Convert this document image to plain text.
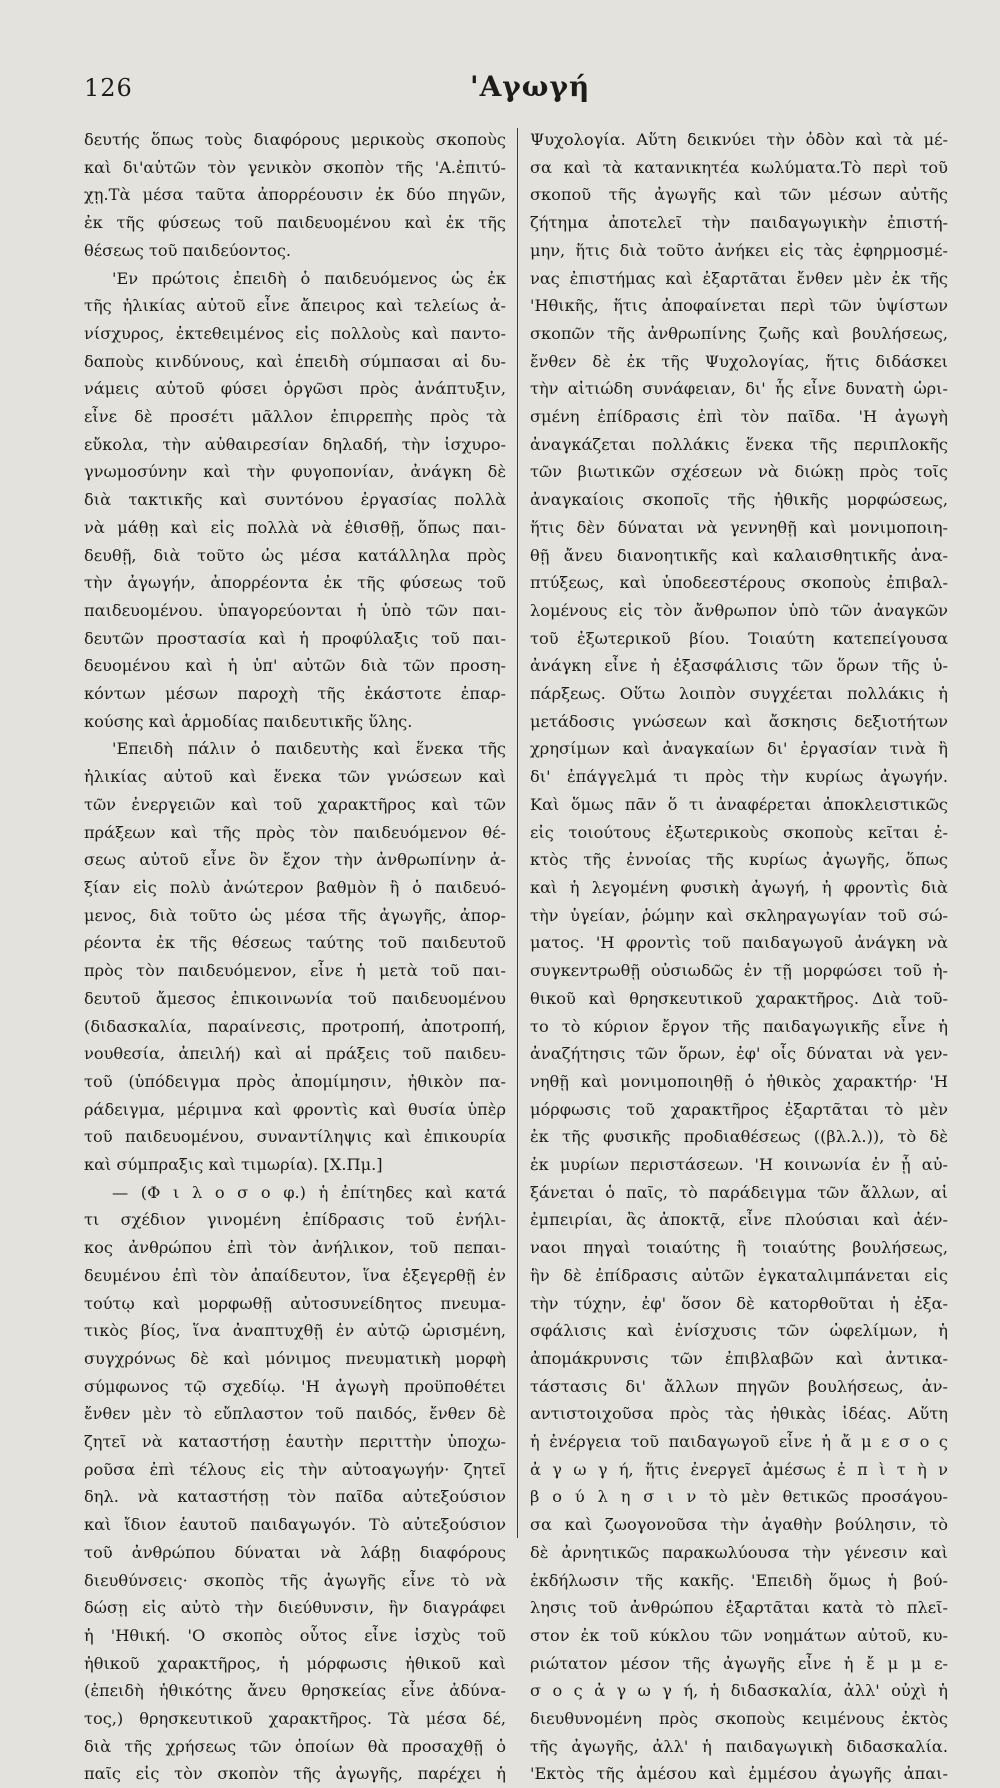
126	'Αγωγή
δευτής ὅπως τοὺς διαφόρους μερικοὺς σκοποὺς
καὶ δι'αὐτῶν τὸν γενικὸν σκοπὸν τῆς 'Α.ἐπιτύ-
χῃ.Τὰ μέσα ταῦτα ἀπορρέουσιν ἐκ δύο πηγῶν,
ἐκ τῆς φύσεως τοῦ παιδευομένου καὶ ἐκ τῆς
θέσεως τοῦ παιδεύοντος.
'Εν πρώτοις ἐπειδὴ ὁ παιδευόμενος ὡς ἐκ
τῆς ἡλικίας αὐτοῦ εἶνε ἄπειρος καὶ τελείως ἀ-
νίσχυρος, ἐκτεθειμένος εἰς πολλοὺς καὶ παντο-
δαποὺς κινδύνους, καὶ ἐπειδὴ σύμπασαι αἱ δυ-
νάμεις αὐτοῦ φύσει ὀργῶσι πρὸς ἀνάπτυξιν,
εἶνε δὲ προσέτι μᾶλλον ἐπιρρεπὴς πρὸς τὰ
εὔκολα, τὴν αὐθαιρεσίαν δηλαδή, τὴν ἰσχυρο-
γνωμοσύνην καὶ τὴν φυγοπονίαν, ἀνάγκη δὲ
διὰ τακτικῆς καὶ συντόνου ἐργασίας πολλὰ
νὰ μάθῃ καὶ εἰς πολλὰ νὰ ἐθισθῇ, ὅπως παι-
δευθῇ, διὰ τοῦτο ὡς μέσα κατάλληλα πρὸς
τὴν ἀγωγήν, ἀπορρέοντα ἐκ τῆς φύσεως τοῦ
παιδευομένου. ὑπαγορεύονται ἡ ὑπὸ τῶν παι-
δευτῶν προστασία καὶ ἡ προφύλαξις τοῦ παι-
δευομένου καὶ ἡ ὑπ' αὐτῶν διὰ τῶν προση-
κόντων μέσων παροχὴ τῆς ἑκάστοτε ἐπαρ-
κούσης καὶ ἁρμοδίας παιδευτικῆς ὕλης.
'Επειδὴ πάλιν ὁ παιδευτὴς καὶ ἕνεκα τῆς
ἡλικίας αὐτοῦ καὶ ἕνεκα τῶν γνώσεων καὶ
τῶν ἐνεργειῶν καὶ τοῦ χαρακτῆρος καὶ τῶν
πράξεων καὶ τῆς πρὸς τὸν παιδευόμενον θέ-
σεως αὐτοῦ εἶνε ὂν ἔχον τὴν ἀνθρωπίνην ἀ-
ξίαν εἰς πολὺ ἀνώτερον βαθμὸν ἢ ὁ παιδευό-
μενος, διὰ τοῦτο ὡς μέσα τῆς ἀγωγῆς, ἀπορ-
ρέοντα ἐκ τῆς θέσεως ταύτης τοῦ παιδευτοῦ
πρὸς τὸν παιδευόμενον, εἶνε ἡ μετὰ τοῦ παι-
δευτοῦ ἄμεσος ἐπικοινωνία τοῦ παιδευομένου
(διδασκαλία, παραίνεσις, προτροπή, ἀποτροπή,
νουθεσία, ἀπειλή) καὶ αἱ πράξεις τοῦ παιδευ-
τοῦ (ὑπόδειγμα πρὸς ἀπομίμησιν, ἠθικὸν πα-
ράδειγμα, μέριμνα καὶ φροντὶς καὶ θυσία ὑπὲρ
τοῦ παιδευομένου, συναντίληψις καὶ ἐπικουρία
καὶ σύμπραξις καὶ τιμωρία). [Χ.Πμ.]
— (Φ ι λ ο σ ο φ.) ἡ ἐπίτηδες καὶ κατά
τι σχέδιον γινομένη ἐπίδρασις τοῦ ἐνήλι-
κος ἀνθρώπου ἐπὶ τὸν ἀνήλικον, τοῦ πεπαι-
δευμένου ἐπὶ τὸν ἀπαίδευτον, ἵνα ἐξεγερθῇ ἐν
τούτῳ καὶ μορφωθῇ αὐτοσυνείδητος πνευμα-
τικὸς βίος, ἵνα ἀναπτυχθῇ ἐν αὐτῷ ὡρισμένη,
συγχρόνως δὲ καὶ μόνιμος πνευματικὴ μορφὴ
σύμφωνος τῷ σχεδίῳ. 'Η ἀγωγὴ προϋποθέτει
ἔνθεν μὲν τὸ εὔπλαστον τοῦ παιδός, ἔνθεν δὲ
ζητεῖ νὰ καταστήσῃ ἑαυτὴν περιττὴν ὑποχω-
ροῦσα ἐπὶ τέλους εἰς τὴν αὐτοαγωγήν· ζητεῖ
δηλ. νὰ καταστήσῃ τὸν παῖδα αὐτεξούσιον
καὶ ἴδιον ἑαυτοῦ παιδαγωγόν. Τὸ αὐτεξούσιον
τοῦ ἀνθρώπου δύναται νὰ λάβῃ διαφόρους
διευθύνσεις· σκοπὸς τῆς ἀγωγῆς εἶνε τὸ νὰ
δώσῃ εἰς αὐτὸ τὴν διεύθυνσιν, ἣν διαγράφει
ἡ 'Ηθική. 'Ο σκοπὸς οὗτος εἶνε ἰσχὺς τοῦ
ἠθικοῦ χαρακτῆρος, ἡ μόρφωσις ἠθικοῦ καὶ
(ἐπειδὴ ἠθικότης ἄνευ θρησκείας εἶνε ἀδύνα-
τος,) θρησκευτικοῦ χαρακτῆρος. Τὰ μέσα δέ,
διὰ τῆς χρήσεως τῶν ὁποίων θὰ προσαχθῇ ὁ
παῖς εἰς τὸν σκοπὸν τῆς ἀγωγῆς, παρέχει ἡ
Ψυχολογία. Αὕτη δεικνύει τὴν ὁδὸν καὶ τὰ μέ-
σα καὶ τὰ κατανικητέα κωλύματα.Τὸ περὶ τοῦ
σκοποῦ τῆς ἀγωγῆς καὶ τῶν μέσων αὐτῆς
ζήτημα ἀποτελεῖ τὴν παιδαγωγικὴν ἐπιστή-
μην, ἥτις διὰ τοῦτο ἀνήκει εἰς τὰς ἐφηρμοσμέ-
νας ἐπιστήμας καὶ ἐξαρτᾶται ἔνθεν μὲν ἐκ τῆς
'Ηθικῆς, ἥτις ἀποφαίνεται περὶ τῶν ὑψίστων
σκοπῶν τῆς ἀνθρωπίνης ζωῆς καὶ βουλήσεως,
ἔνθεν δὲ ἐκ τῆς Ψυχολογίας, ἥτις διδάσκει
τὴν αἰτιώδη συνάφειαν, δι' ἧς εἶνε δυνατὴ ὡρι-
σμένη ἐπίδρασις ἐπὶ τὸν παῖδα. 'Η ἀγωγὴ
ἀναγκάζεται πολλάκις ἕνεκα τῆς περιπλοκῆς
τῶν βιωτικῶν σχέσεων νὰ διώκῃ πρὸς τοῖς
ἀναγκαίοις σκοποῖς τῆς ἠθικῆς μορφώσεως,
ἥτις δὲν δύναται νὰ γεννηθῇ καὶ μονιμοποιη-
θῇ ἄνευ διανοητικῆς καὶ καλαισθητικῆς ἀνα-
πτύξεως, καὶ ὑποδεεστέρους σκοποὺς ἐπιβαλ-
λομένους εἰς τὸν ἄνθρωπον ὑπὸ τῶν ἀναγκῶν
τοῦ ἐξωτερικοῦ βίου. Τοιαύτη κατεπείγουσα
ἀνάγκη εἶνε ἡ ἐξασφάλισις τῶν ὅρων τῆς ὑ-
πάρξεως. Οὕτω λοιπὸν συγχέεται πολλάκις ἡ
μετάδοσις γνώσεων καὶ ἄσκησις δεξιοτήτων
χρησίμων καὶ ἀναγκαίων δι' ἐργασίαν τινὰ ἢ
δι' ἐπάγγελμά τι πρὸς τὴν κυρίως ἀγωγήν.
Καὶ ὅμως πᾶν ὅ τι ἀναφέρεται ἀποκλειστικῶς
εἰς τοιούτους ἐξωτερικοὺς σκοποὺς κεῖται ἐ-
κτὸς τῆς ἐννοίας τῆς κυρίως ἀγωγῆς, ὅπως
καὶ ἡ λεγομένη φυσικὴ ἀγωγή, ἡ φροντὶς διὰ
τὴν ὑγείαν, ῥώμην καὶ σκληραγωγίαν τοῦ σώ-
ματος. 'Η φροντὶς τοῦ παιδαγωγοῦ ἀνάγκη νὰ
συγκεντρωθῇ οὐσιωδῶς ἐν τῇ μορφώσει τοῦ ἠ-
θικοῦ καὶ θρησκευτικοῦ χαρακτῆρος. Διὰ τοῦ-
το τὸ κύριον ἔργον τῆς παιδαγωγικῆς εἶνε ἡ
ἀναζήτησις τῶν ὅρων, ἐφ' οἷς δύναται νὰ γεν-
νηθῇ καὶ μονιμοποιηθῇ ὁ ἠθικὸς χαρακτήρ· 'Η
μόρφωσις τοῦ χαρακτῆρος ἐξαρτᾶται τὸ μὲν
ἐκ τῆς φυσικῆς προδιαθέσεως ((βλ.λ.)), τὸ δὲ
ἐκ μυρίων περιστάσεων. 'Η κοινωνία ἐν ᾗ αὐ-
ξάνεται ὁ παῖς, τὸ παράδειγμα τῶν ἄλλων, αἱ
ἐμπειρίαι, ἃς ἀποκτᾷ, εἶνε πλούσιαι καὶ ἀέν-
ναοι πηγαὶ τοιαύτης ἢ τοιαύτης βουλήσεως,
ἣν δὲ ἐπίδρασις αὐτῶν ἐγκαταλιμπάνεται εἰς
τὴν τύχην, ἐφ' ὅσον δὲ κατορθοῦται ἡ ἐξα-
σφάλισις καὶ ἐνίσχυσις τῶν ὠφελίμων, ἡ
ἀπομάκρυνσις τῶν ἐπιβλαβῶν καὶ ἀντικα-
τάστασις δι' ἄλλων πηγῶν βουλήσεως, ἀν-
αντιστοιχοῦσα πρὸς τὰς ἠθικὰς ἰδέας. Αὕτη
ἡ ἐνέργεια τοῦ παιδαγωγοῦ εἶνε ἡ ἄ μ ε σ ο ς
ἀ γ ω γ ή, ἥτις ἐνεργεῖ ἀμέσως ἐ π ὶ τ ὴ ν
β ο ύ λ η σ ι ν τὸ μὲν θετικῶς προσάγου-
σα καὶ ζωογονοῦσα τὴν ἀγαθὴν βούλησιν, τὸ
δὲ ἀρνητικῶς παρακωλύουσα τὴν γένεσιν καὶ
ἐκδήλωσιν τῆς κακῆς. 'Επειδὴ ὅμως ἡ βού-
λησις τοῦ ἀνθρώπου ἐξαρτᾶται κατὰ τὸ πλεῖ-
στον ἐκ τοῦ κύκλου τῶν νοημάτων αὐτοῦ, κυ-
ριώτατον μέσον τῆς ἀγωγῆς εἶνε ἡ ἔ μ μ ε-
σ ο ς ἀ γ ω γ ή, ἡ διδασκαλία, ἀλλ' οὐχὶ ἡ
διευθυνομένη πρὸς σκοποὺς κειμένους ἐκτὸς
τῆς ἀγωγῆς, ἀλλ' ἡ παιδαγωγικὴ διδασκαλία.
'Εκτὸς τῆς ἀμέσου καὶ ἐμμέσου ἀγωγῆς ἀπαι-
